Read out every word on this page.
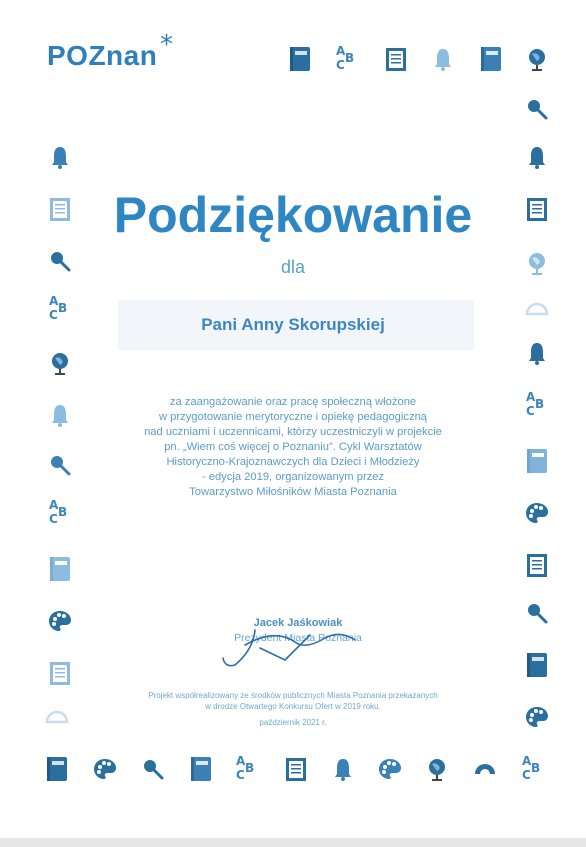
POZnan *	A B
C
A B
C
A B
C
A B
C
A B
C
A B
C
Podziękowanie
dla
Pani Anny Skorupskiej
za zaangażowanie oraz pracę społeczną włożone
w przygotowanie merytoryczne i opiekę pedagogiczną
nad uczniami i uczennicami, którzy uczestniczyli w projekcie
pn. „Wiem coś więcej o Poznaniu”. Cykl Warsztatów
Historyczno-Krajoznawczych dla Dzieci i Młodzieży
- edycja 2019, organizowanym przez
Towarzystwo Miłośników Miasta Poznania
Jacek Jaśkowiak
Prezydent Miasta Poznania
Projekt współrealizowany ze środków publicznych Miasta Poznania przekazanych
w drodze Otwartego Konkursu Ofert w 2019 roku.
październik 2021 r.
